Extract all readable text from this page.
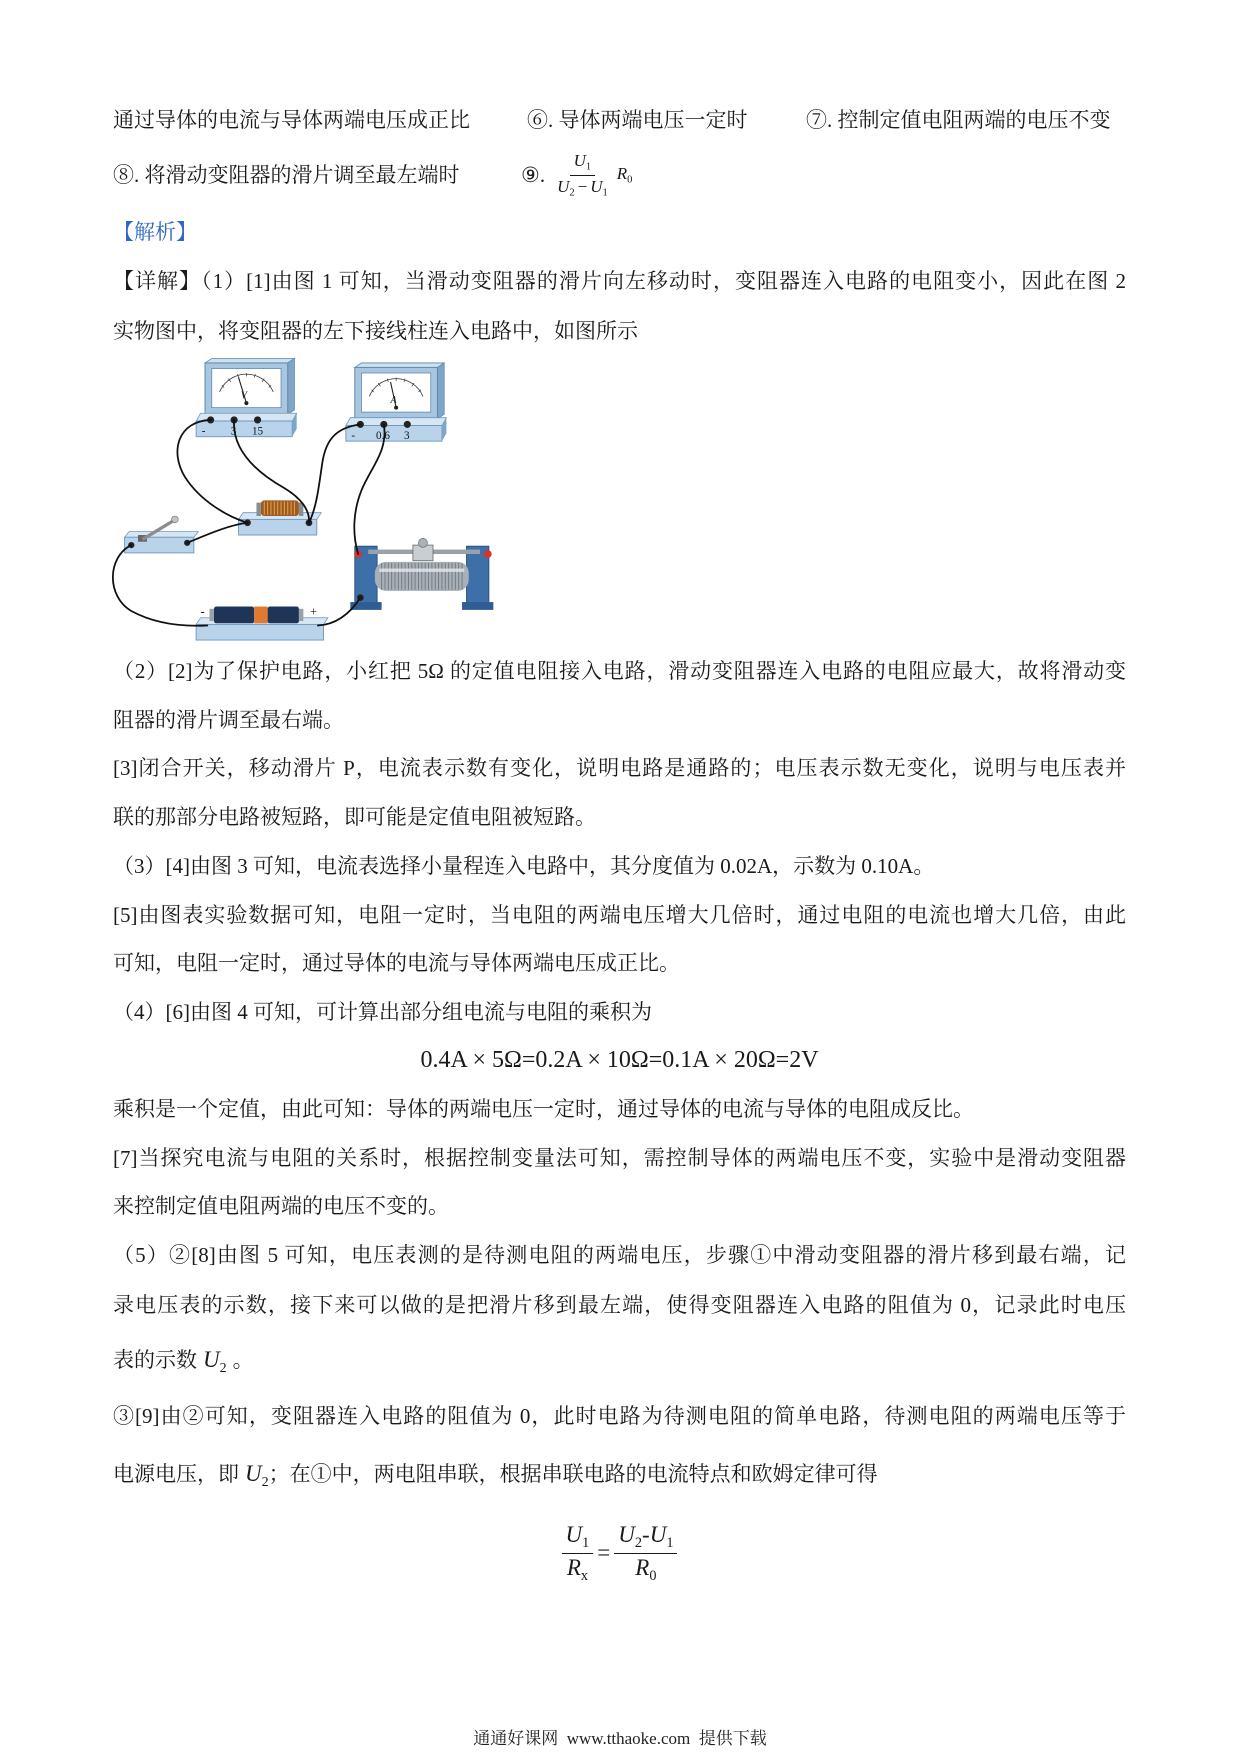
通过导体的电流与导体两端电压成正比	⑥. 导体两端电压一定时	⑦. 控制定值电阻两端的电压不变
⑧. 将滑动变阻器的滑片调至最左端时	⑨. $\frac{U_1}{U_2 - U_1} R_0$
【解析】
【详解】（1）[1]由图 1 可知，当滑动变阻器的滑片向左移动时，变阻器连入电路的电阻变小，因此在图 2
实物图中，将变阻器的左下接线柱连入电路中，如图所示
V
-	3 15
A
- 0.6 3
-	+
（2）[2]为了保护电路，小红把 5Ω 的定值电阻接入电路，滑动变阻器连入电路的电阻应最大，故将滑动变
阻器的滑片调至最右端。
[3]闭合开关，移动滑片 P，电流表示数有变化，说明电路是通路的；电压表示数无变化，说明与电压表并
联的那部分电路被短路，即可能是定值电阻被短路。
（3）[4]由图 3 可知，电流表选择小量程连入电路中，其分度值为 0.02A，示数为 0.10A。
[5]由图表实验数据可知，电阻一定时，当电阻的两端电压增大几倍时，通过电阻的电流也增大几倍，由此
可知，电阻一定时，通过导体的电流与导体两端电压成正比。
（4）[6]由图 4 可知，可计算出部分组电流与电阻的乘积为
0.4A × 5Ω=0.2A × 10Ω=0.1A × 20Ω=2V
乘积是一个定值，由此可知：导体的两端电压一定时，通过导体的电流与导体的电阻成反比。
[7]当探究电流与电阻的关系时，根据控制变量法可知，需控制导体的两端电压不变，实验中是滑动变阻器
来控制定值电阻两端的电压不变的。
（5）②[8]由图 5 可知，电压表测的是待测电阻的两端电压，步骤①中滑动变阻器的滑片移到最右端，记
录电压表的示数，接下来可以做的是把滑片移到最左端，使得变阻器连入电路的阻值为 0，记录此时电压
表的示数 $U_2$ 。
③[9]由②可知，变阻器连入电路的阻值为 0，此时电路为待测电阻的简单电路，待测电阻的两端电压等于
电源电压，即 $U_2$；在①中，两电阻串联，根据串联电路的电流特点和欧姆定律可得
$\frac{U_1}{R_x} = \frac{U_2-U_1}{R_0}$
通通好课网  www.tthaoke.com  提供下载
